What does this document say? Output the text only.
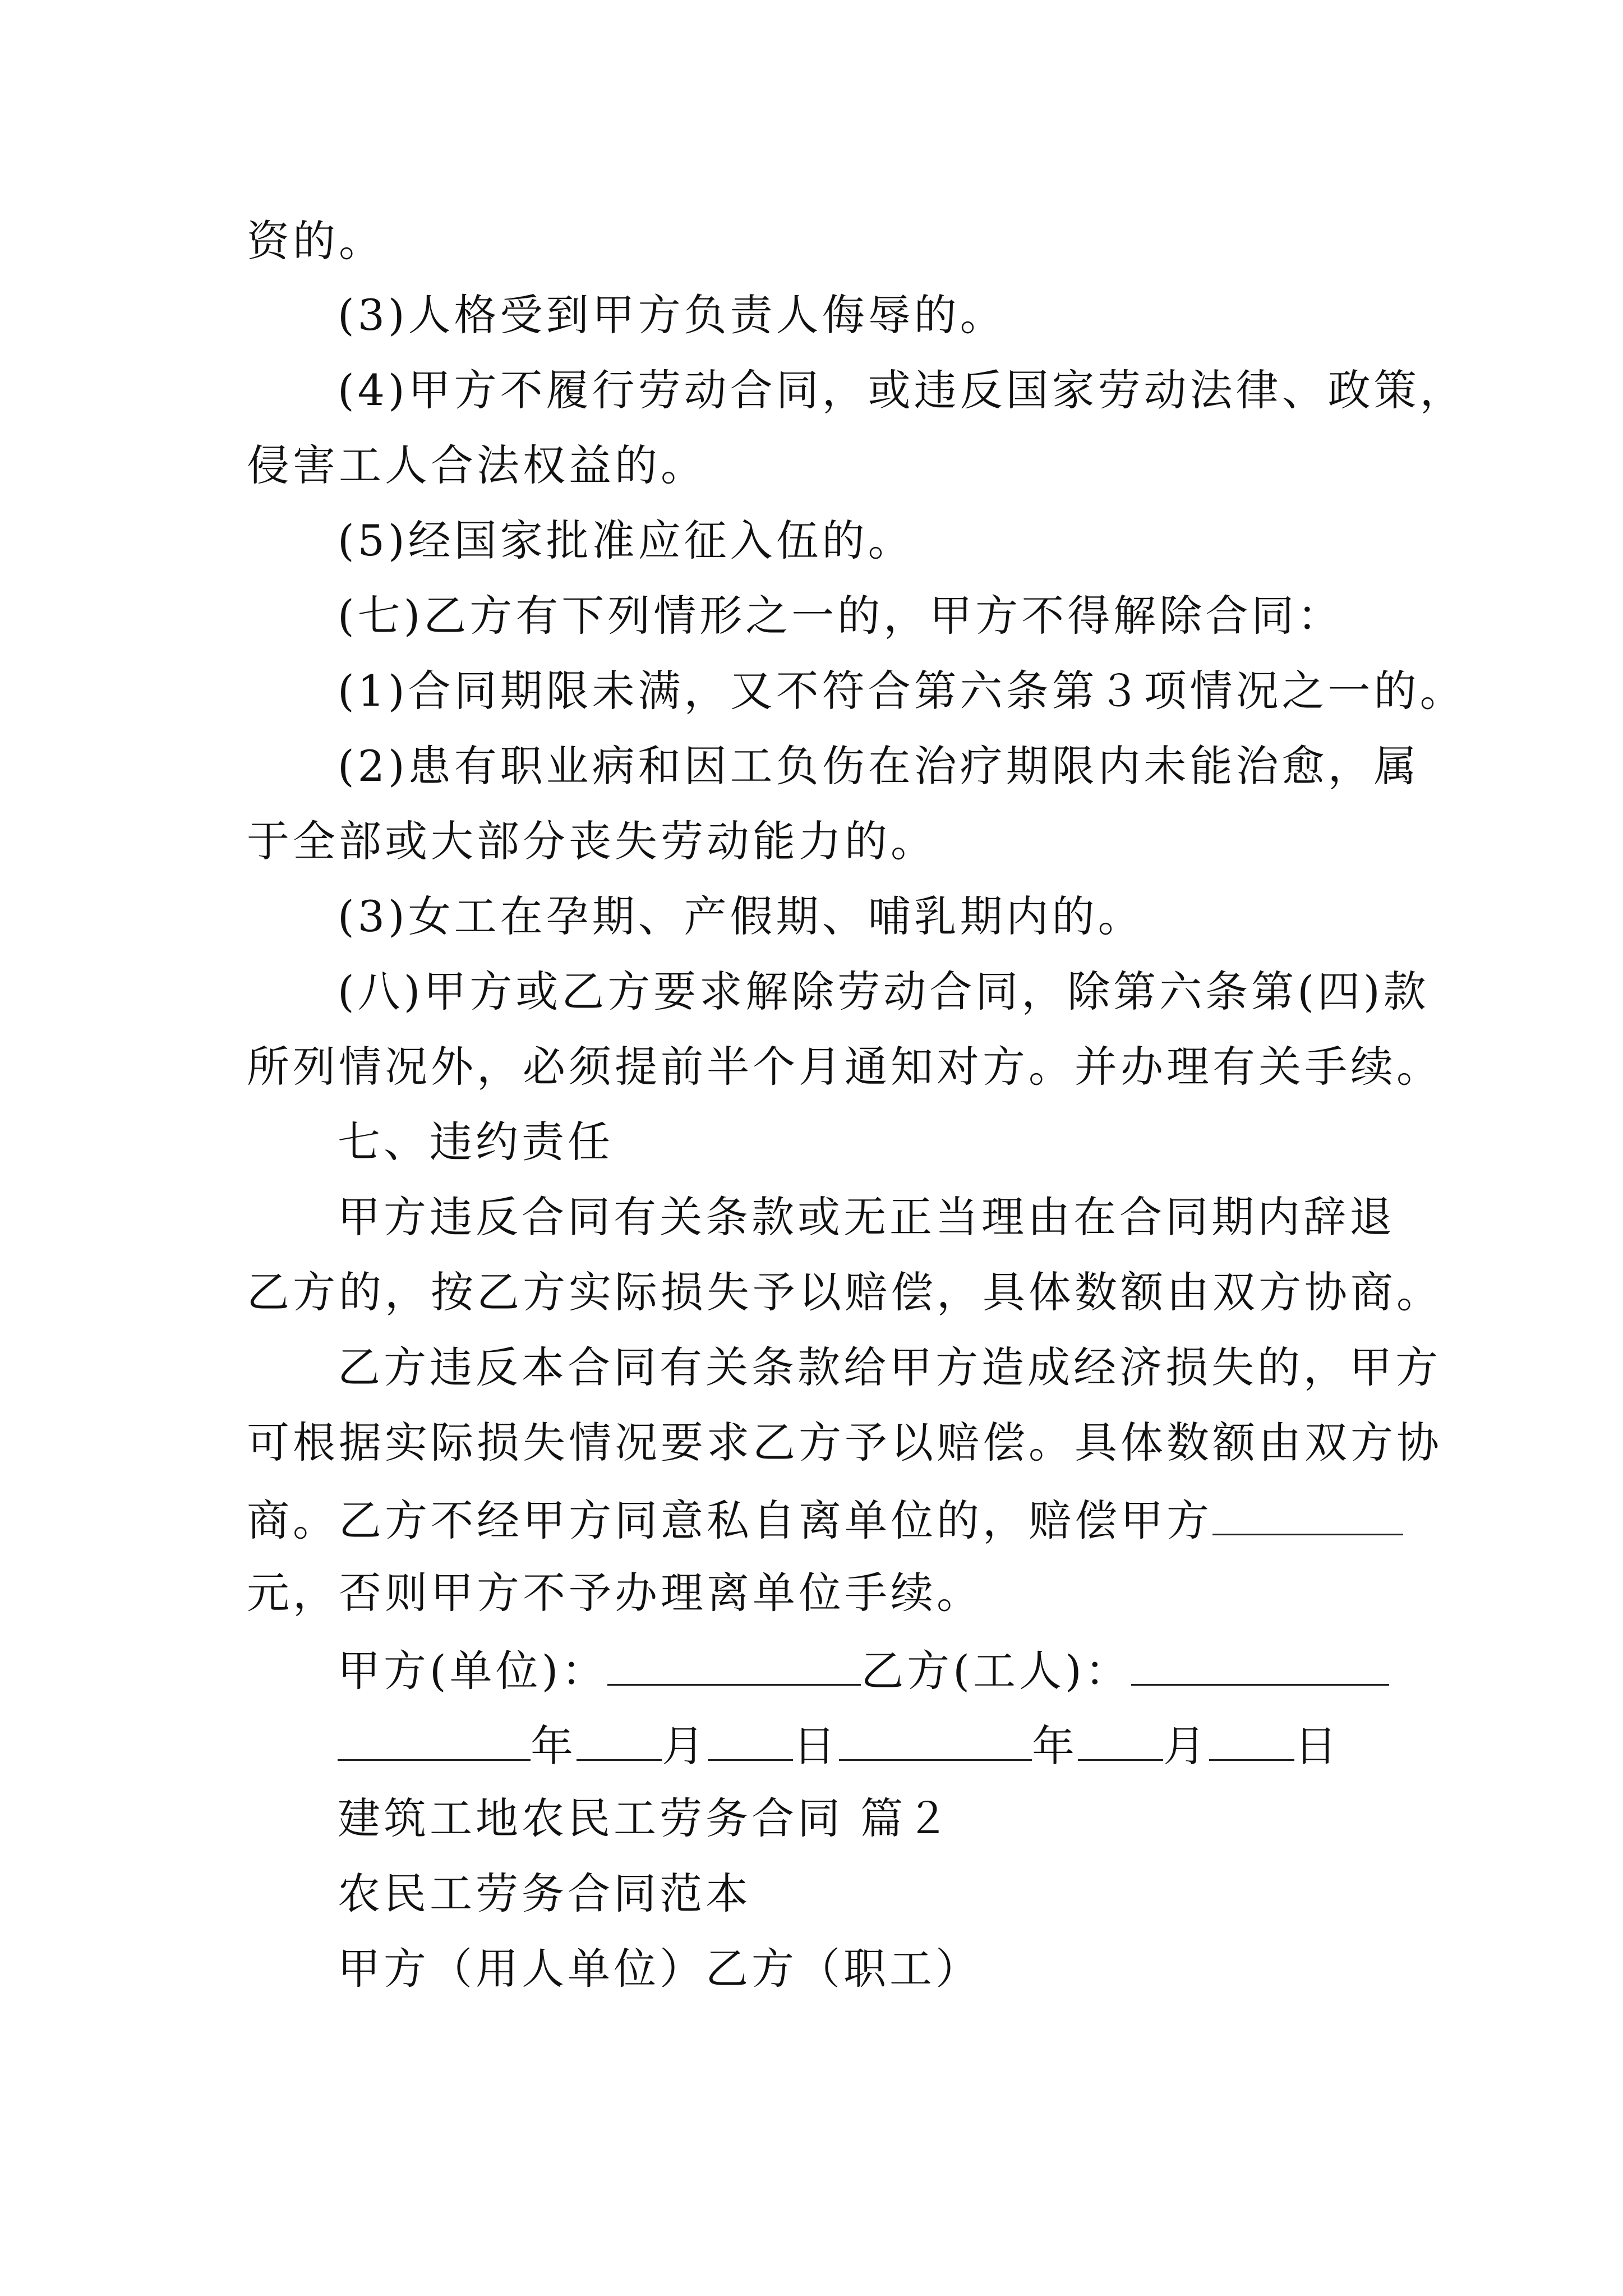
资的。
(3)人格受到甲方负责人侮辱的。
(4)甲方不履行劳动合同，或违反国家劳动法律、政策，
侵害工人合法权益的。
(5)经国家批准应征入伍的。
(七)乙方有下列情形之一的，甲方不得解除合同：
(1)合同期限未满，又不符合第六条第３项情况之一的。
(2)患有职业病和因工负伤在治疗期限内未能治愈，属
于全部或大部分丧失劳动能力的。
(3)女工在孕期、产假期、哺乳期内的。
(八)甲方或乙方要求解除劳动合同，除第六条第(四)款
所列情况外，必须提前半个月通知对方。并办理有关手续。
七、违约责任
甲方违反合同有关条款或无正当理由在合同期内辞退
乙方的，按乙方实际损失予以赔偿，具体数额由双方协商。
乙方违反本合同有关条款给甲方造成经济损失的，甲方
可根据实际损失情况要求乙方予以赔偿。具体数额由双方协
商。乙方不经甲方同意私自离单位的，赔偿甲方
元，否则甲方不予办理离单位手续。
甲方(单位)：	乙方(工人)：
年 月 日	年 月 日
建筑工地农民工劳务合同 篇２
农民工劳务合同范本
甲方（用人单位）乙方（职工）
